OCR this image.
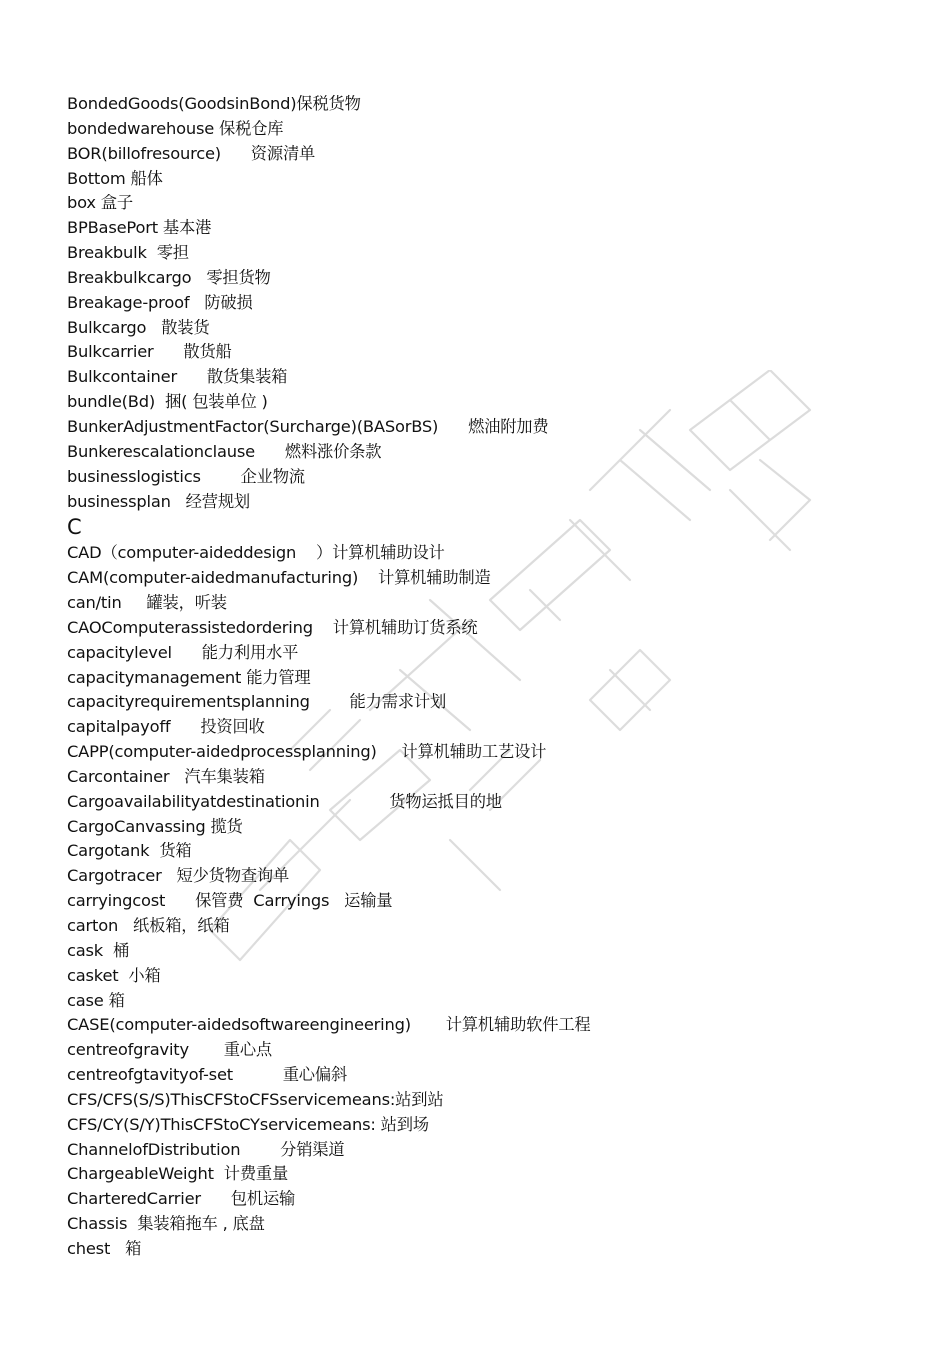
BondedGoods(GoodsinBond)保税货物
bondedwarehouse 保税仓库
BOR(billofresource) 资源清单
Bottom 船体
box 盒子
BPBasePort 基本港
Breakbulk 零担
Breakbulkcargo 零担货物
Breakage-proof 防破损
Bulkcargo 散装货
Bulkcarrier 散货船
Bulkcontainer 散货集装箱
bundle(Bd) 捆( 包装单位 )
BunkerAdjustmentFactor(Surcharge)(BASorBS) 燃油附加费
Bunkerescalationclause 燃料涨价条款
businesslogistics 企业物流
businessplan 经营规划
C
CAD（computer-aideddesign    ）计算机辅助设计
CAM(computer-aidedmanufacturing) 计算机辅助制造
can/tin 罐装，听装
CAOComputerassistedordering 计算机辅助订货系统
capacitylevel 能力利用水平
capacitymanagement 能力管理
capacityrequirementsplanning 能力需求计划
capitalpayoff 投资回收
CAPP(computer-aidedprocessplanning) 计算机辅助工艺设计
Carcontainer 汽车集装箱
Cargoavailabilityatdestinationin	货物运抵目的地
CargoCanvassing 揽货
Cargotank 货箱
Cargotracer 短少货物查询单
carryingcost 保管费  Carryings   运输量
carton 纸板箱，纸箱
cask 桶
casket 小箱
case 箱
CASE(computer-aidedsoftwareengineering) 计算机辅助软件工程
centreofgravity 重心点
centreofgtavityof-set	重心偏斜
CFS/CFS(S/S)ThisCFStoCFSservicemeans:站到站
CFS/CY(S/Y)ThisCFStoCYservicemeans: 站到场
ChannelofDistribution 分销渠道
ChargeableWeight 计费重量
CharteredCarrier 包机运输
Chassis 集装箱拖车 , 底盘
chest 箱
